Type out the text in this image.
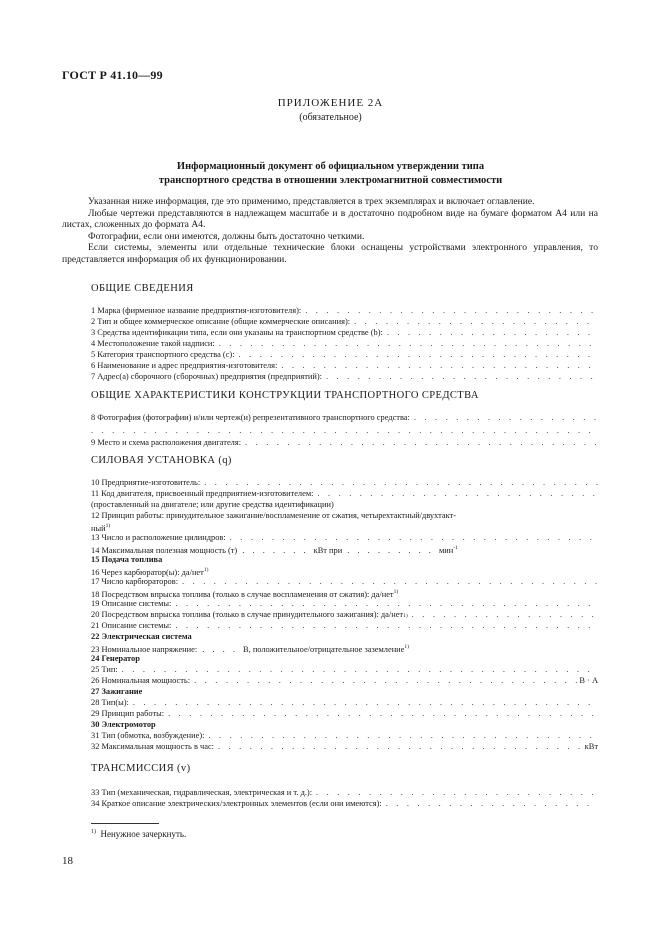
ГОСТ Р 41.10—99
ПРИЛОЖЕНИЕ 2А
(обязательное)
Информационный документ об официальном утверждении типа
транспортного средства в отношении электромагнитной совместимости

Указанная ниже информация, где это применимо, представляется в трех экземплярах и включает оглавление.

Любые чертежи представляются в надлежащем масштабе и в достаточно подробном виде на бумаге форматом А4 или на листах, сложенных до формата А4.

Фотографии, если они имеются, должны быть достаточно четкими.

Если системы, элементы или отдельные технические блоки оснащены устройствами электронного управления, то представляется информация об их функционировании.

ОБЩИЕ СВЕДЕНИЯ
1 Марка (фирменное название предприятия-изготовителя):
. . .
2 Тип и общее коммерческое описание (общие коммерческие описания):
. . .
3 Средства идентификации типа, если они указаны на транспортном средстве (b):
. . .
4 Местоположение такой надписи:
. . .
5 Категория транспортного средства (с):
. . .
6 Наименование и адрес предприятия-изготовителя:
. . .
7 Адрес(а) сборочного (сборочных) предприятия (предприятий):
. . .
ОБЩИЕ ХАРАКТЕРИСТИКИ КОНСТРУКЦИИ ТРАНСПОРТНОГО СРЕДСТВА
8 Фотография (фотографии) и/или чертеж(и) репрезентативного транспортного средства:
. . .
. . .
9 Место и схема расположения двигателя:
. . .
СИЛОВАЯ УСТАНОВКА (q)
10 Предприятие-изготовитель:
. . .
11 Код двигателя, присвоенный предприятием-изготовителем:
. . .
(проставленный на двигателе; или другие средства идентификации)
12 Принцип работы: принудительное зажигание/воспламенение от сжатия, четырехтактный/двухтакт-
ный$^{1)}$
13 Число и расположение цилиндров:
. . .
14 Максимальная полезная мощность (т) . . . . . . . кВт при . . . . . . . . . мин$^{-1}$
15 Подача топлива
16 Через карбюратор(ы): да/нет$^{1)}$
17 Число карбюраторов:
. . .
18 Посредством впрыска топлива (только в случае воспламенения от сжатия): да/нет$^{1)}$
19 Описание системы:
. . .
20 Посредством впрыска топлива (только в случае принудительного зажигания): да/нет$_{1)}$
. . .
21 Описание системы:
. . .
22 Электрическая система
23 Номинальное напряжение: . . . . В, положительное/отрицательное заземление$^{1)}$
24 Генератор
25 Тип:
. . .
26 Номинальная мощность: . . .	В · А
27 Зажигание
28 Тип(ы):
. . .
29 Принцип работы:
. . .
30 Электромотор
31 Тип (обмотка, возбуждение):
. . .
32 Максимальная мощность в час: . . .	кВт
ТРАНСМИССИЯ (v)
33 Тип (механическая, гидравлическая, электрическая и т. д.):
. . .
34 Краткое описание электрических/электронных элементов (если они имеются):
. . .
$^{1)}$ Ненужное зачеркнуть.
18
